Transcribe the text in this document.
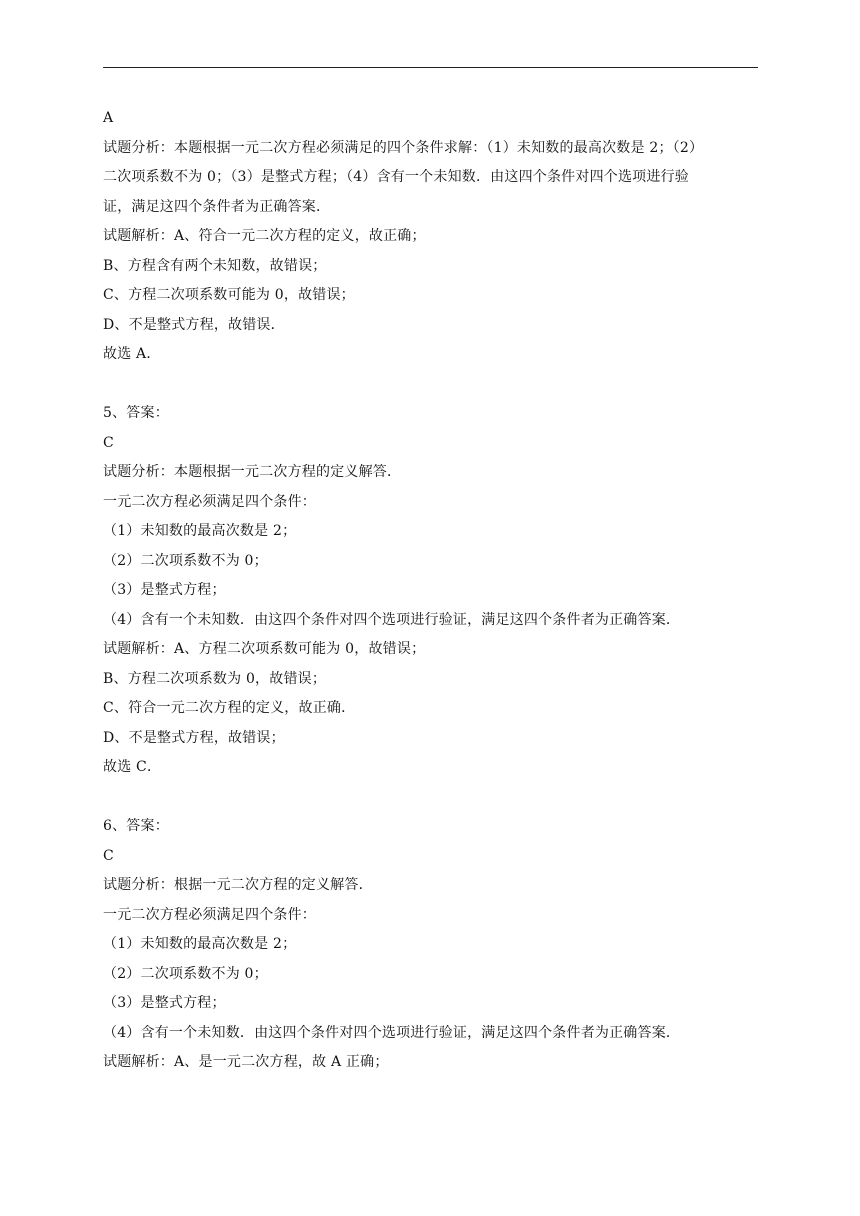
A
试题分析：本题根据一元二次方程必须满足的四个条件求解：（1）未知数的最高次数是 2；（2）
二次项系数不为 0；（3）是整式方程；（4）含有一个未知数．由这四个条件对四个选项进行验
证，满足这四个条件者为正确答案．
试题解析：A、符合一元二次方程的定义，故正确；
B、方程含有两个未知数，故错误；
C、方程二次项系数可能为 0，故错误；
D、不是整式方程，故错误．
故选 A．
5、答案：
C
试题分析：本题根据一元二次方程的定义解答．
一元二次方程必须满足四个条件：
（1）未知数的最高次数是 2；
（2）二次项系数不为 0；
（3）是整式方程；
（4）含有一个未知数．由这四个条件对四个选项进行验证，满足这四个条件者为正确答案．
试题解析：A、方程二次项系数可能为 0，故错误；
B、方程二次项系数为 0，故错误；
C、符合一元二次方程的定义，故正确．
D、不是整式方程，故错误；
故选 C．
6、答案：
C
试题分析：根据一元二次方程的定义解答．
一元二次方程必须满足四个条件：
（1）未知数的最高次数是 2；
（2）二次项系数不为 0；
（3）是整式方程；
（4）含有一个未知数．由这四个条件对四个选项进行验证，满足这四个条件者为正确答案．
试题解析：A、是一元二次方程，故 A 正确；
